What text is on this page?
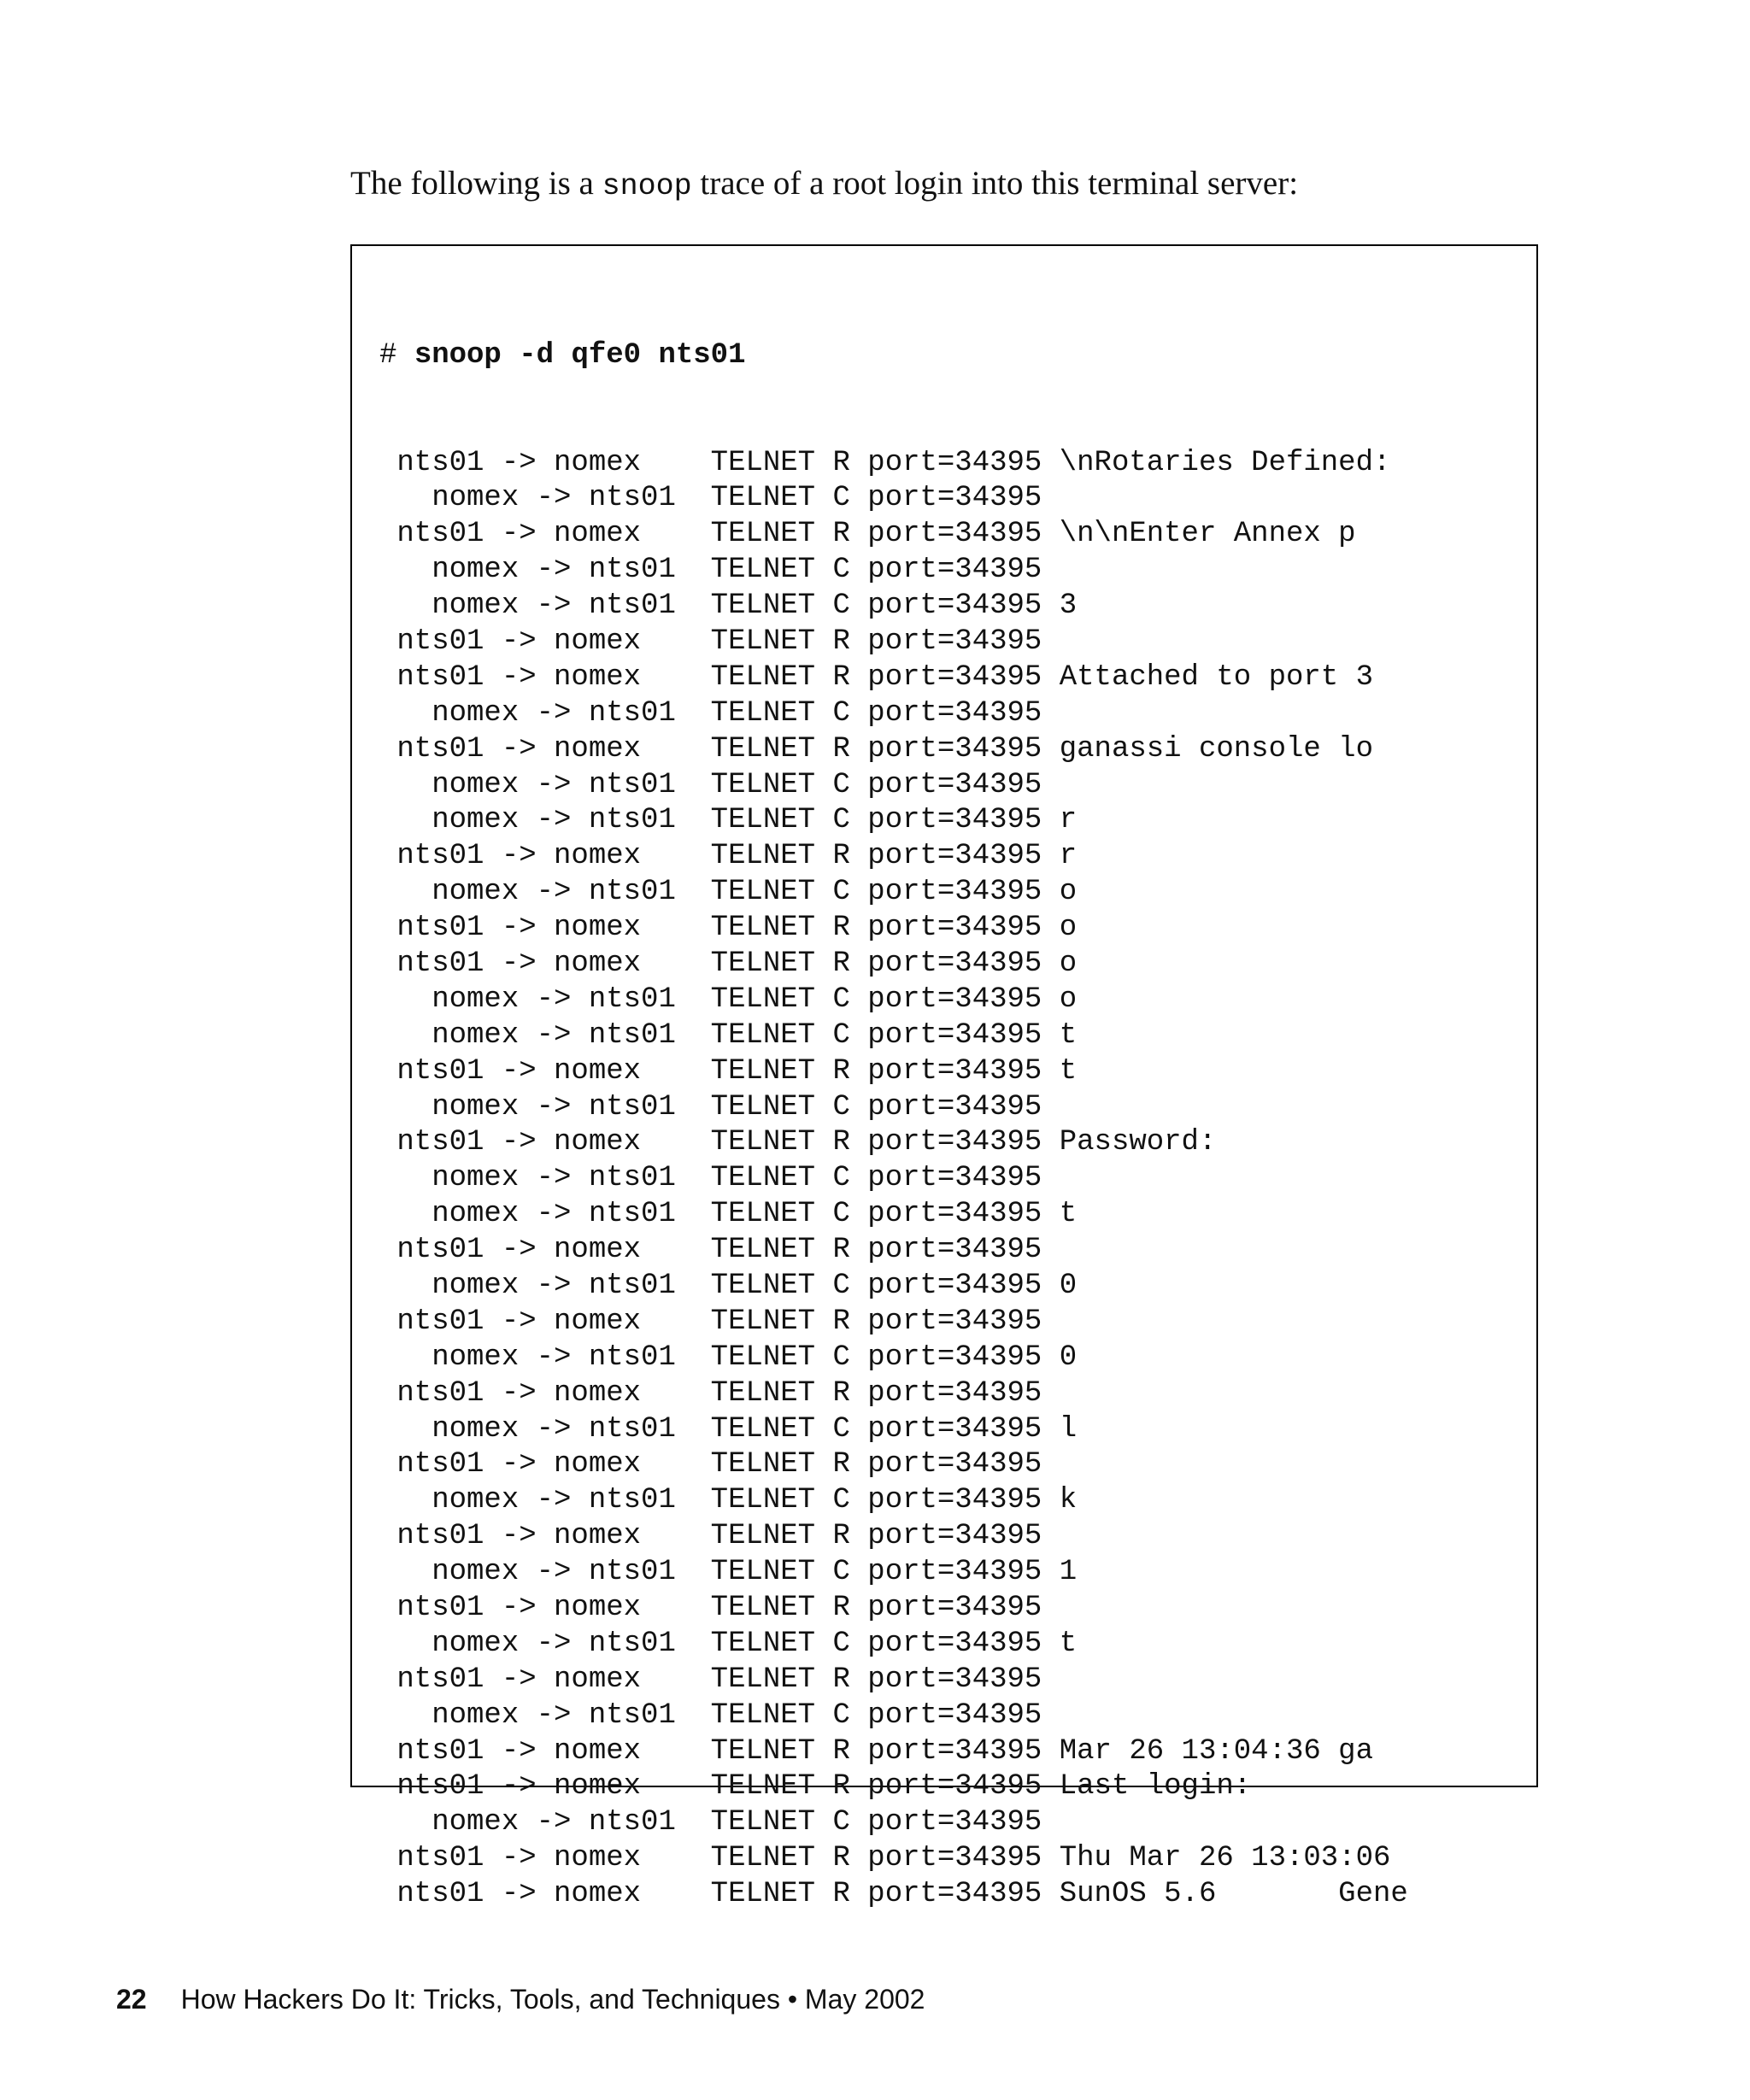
The following is a snoop trace of a root login into this terminal server:

# snoop -d qfe0 nts01

nts01 -> nomex    TELNET R port=34395 \nRotaries Defined:
nomex -> nts01  TELNET C port=34395
nts01 -> nomex    TELNET R port=34395 \n\nEnter Annex p
nomex -> nts01  TELNET C port=34395
nomex -> nts01  TELNET C port=34395 3
nts01 -> nomex    TELNET R port=34395
nts01 -> nomex    TELNET R port=34395 Attached to port 3
nomex -> nts01  TELNET C port=34395
nts01 -> nomex    TELNET R port=34395 ganassi console lo
nomex -> nts01  TELNET C port=34395
nomex -> nts01  TELNET C port=34395 r
nts01 -> nomex    TELNET R port=34395 r
nomex -> nts01  TELNET C port=34395 o
nts01 -> nomex    TELNET R port=34395 o
nts01 -> nomex    TELNET R port=34395 o
nomex -> nts01  TELNET C port=34395 o
nomex -> nts01  TELNET C port=34395 t
nts01 -> nomex    TELNET R port=34395 t
nomex -> nts01  TELNET C port=34395
nts01 -> nomex    TELNET R port=34395 Password:
nomex -> nts01  TELNET C port=34395
nomex -> nts01  TELNET C port=34395 t
nts01 -> nomex    TELNET R port=34395
nomex -> nts01  TELNET C port=34395 0
nts01 -> nomex    TELNET R port=34395
nomex -> nts01  TELNET C port=34395 0
nts01 -> nomex    TELNET R port=34395
nomex -> nts01  TELNET C port=34395 l
nts01 -> nomex    TELNET R port=34395
nomex -> nts01  TELNET C port=34395 k
nts01 -> nomex    TELNET R port=34395
nomex -> nts01  TELNET C port=34395 1
nts01 -> nomex    TELNET R port=34395
nomex -> nts01  TELNET C port=34395 t
nts01 -> nomex    TELNET R port=34395
nomex -> nts01  TELNET C port=34395
nts01 -> nomex    TELNET R port=34395 Mar 26 13:04:36 ga
nts01 -> nomex    TELNET R port=34395 Last login:
nomex -> nts01  TELNET C port=34395
nts01 -> nomex    TELNET R port=34395 Thu Mar 26 13:03:06
nts01 -> nomex    TELNET R port=34395 SunOS 5.6       Gene
22 How Hackers Do It: Tricks, Tools, and Techniques • May 2002
